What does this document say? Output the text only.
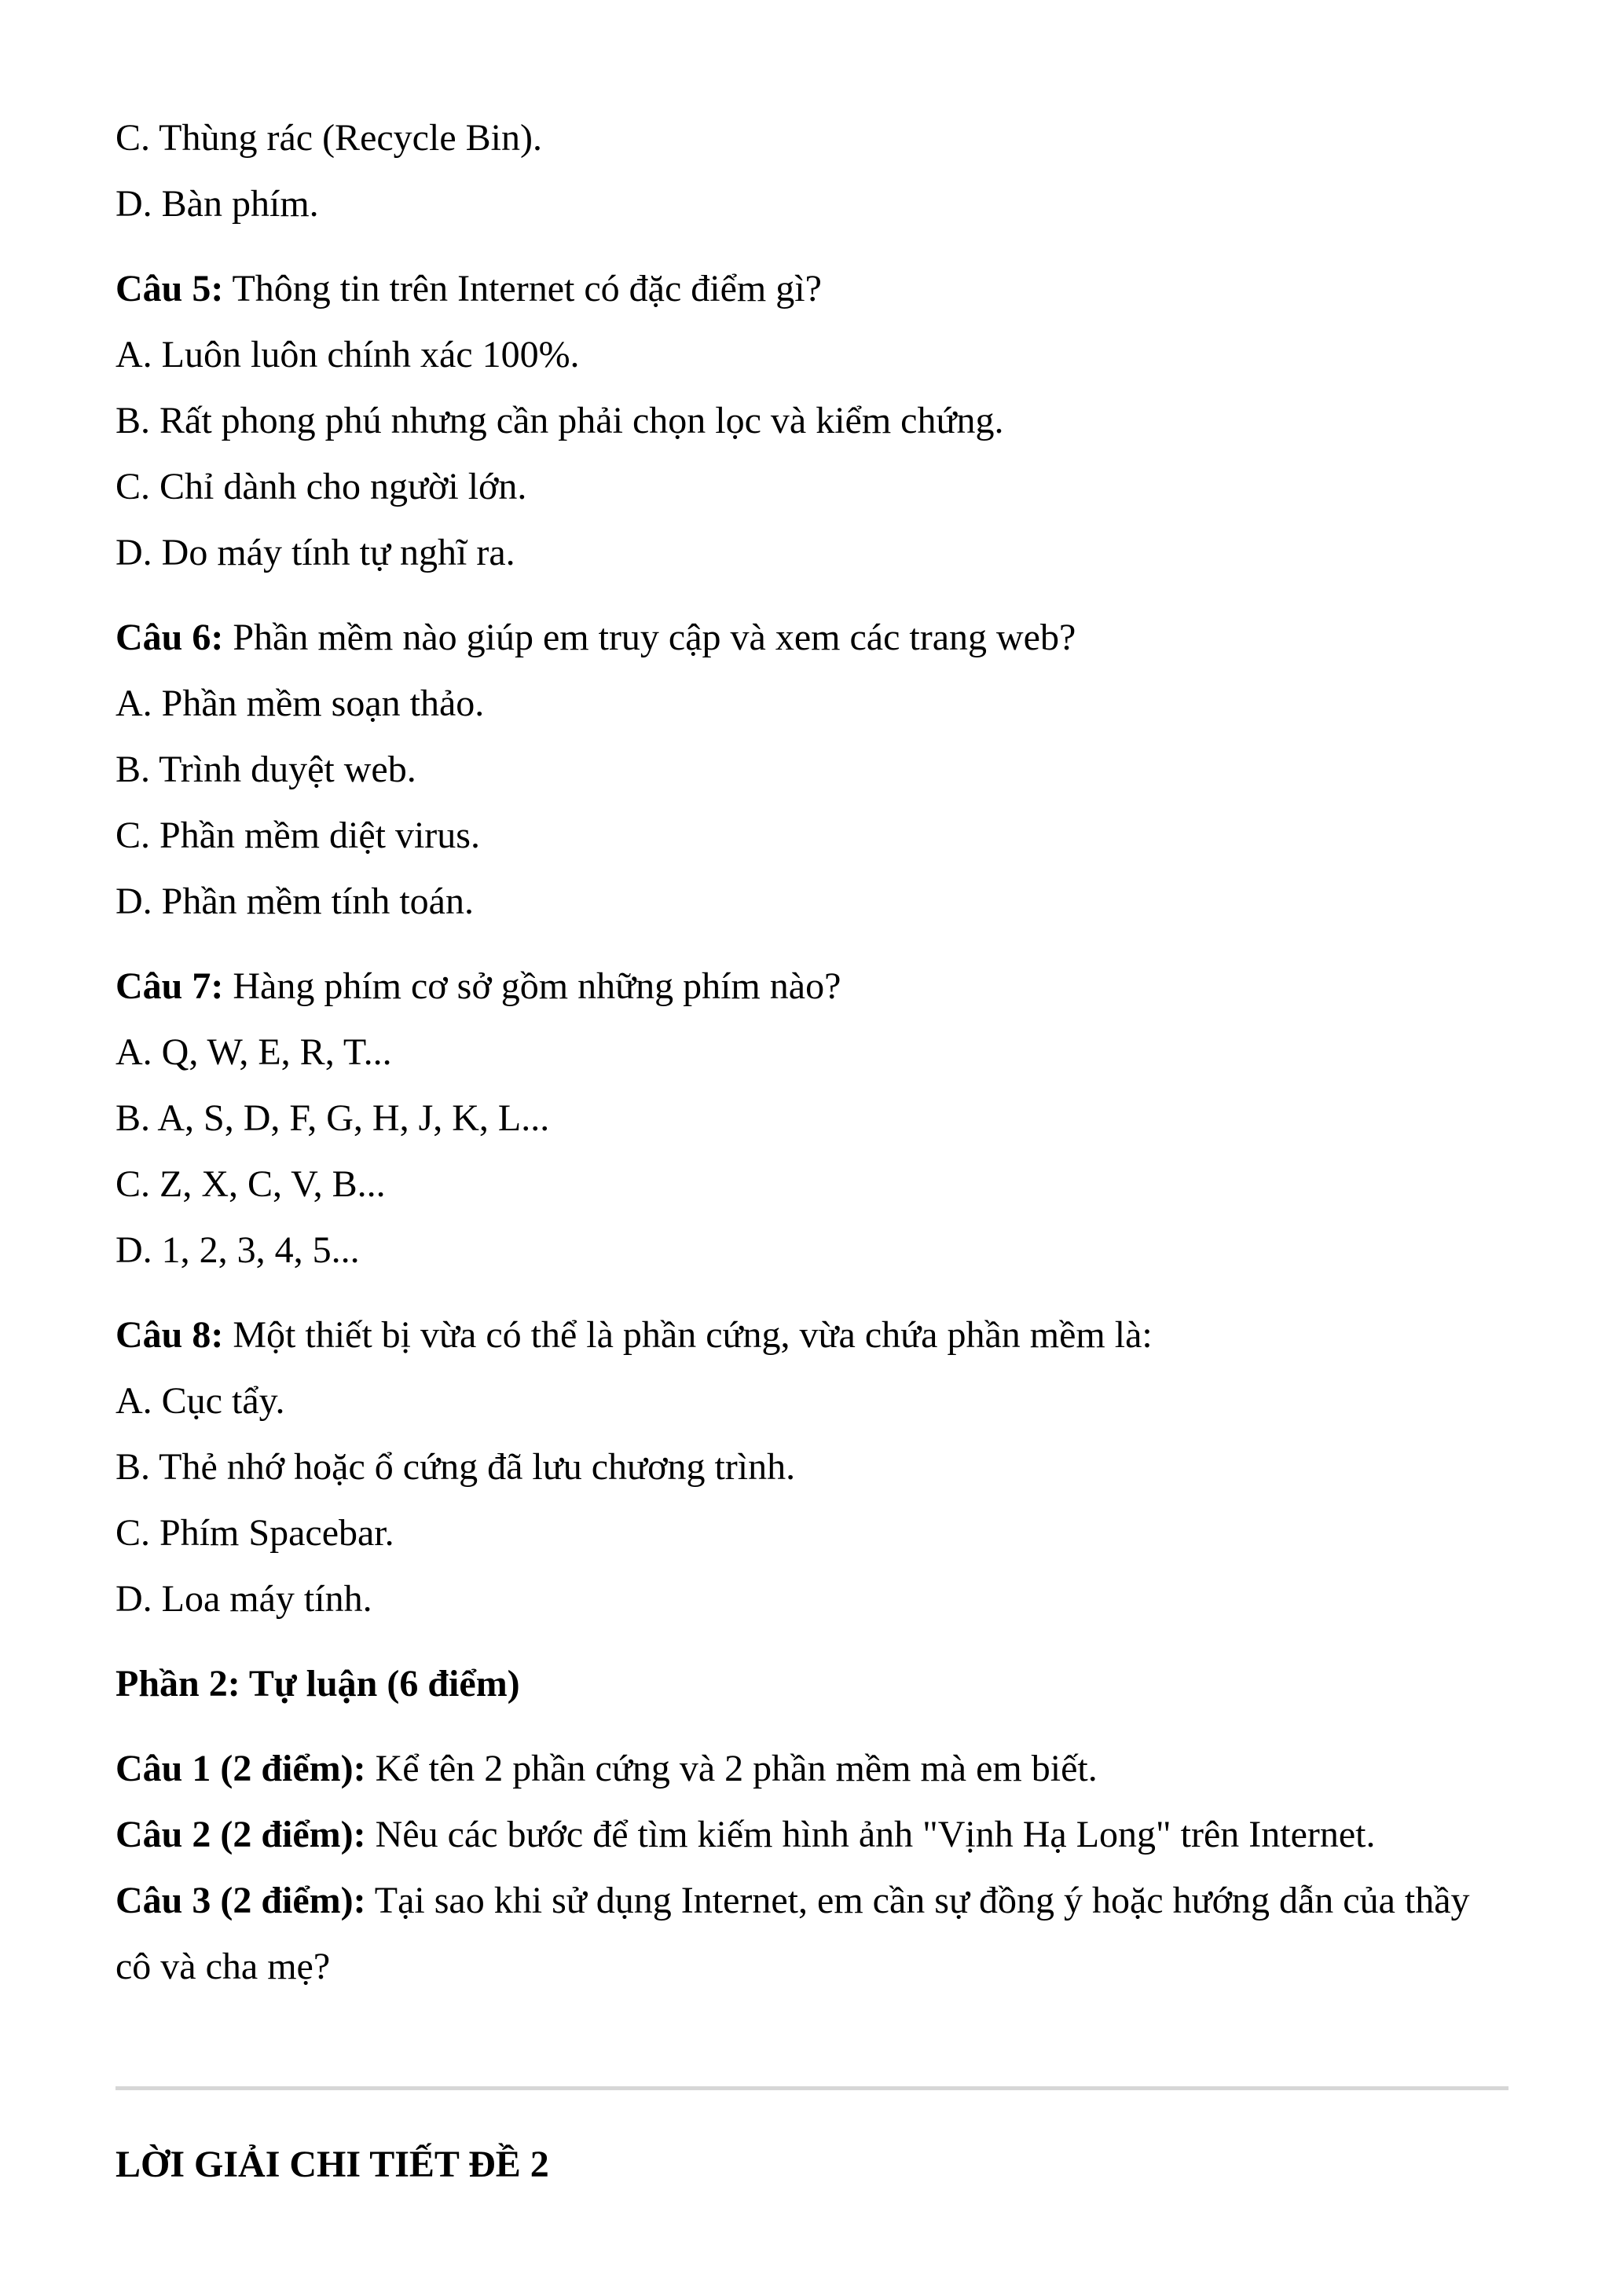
C. Thùng rác (Recycle Bin).

D. Bàn phím.

Câu 5: Thông tin trên Internet có đặc điểm gì?

A. Luôn luôn chính xác 100%.

B. Rất phong phú nhưng cần phải chọn lọc và kiểm chứng.

C. Chỉ dành cho người lớn.

D. Do máy tính tự nghĩ ra.

Câu 6: Phần mềm nào giúp em truy cập và xem các trang web?

A. Phần mềm soạn thảo.

B. Trình duyệt web.

C. Phần mềm diệt virus.

D. Phần mềm tính toán.

Câu 7: Hàng phím cơ sở gồm những phím nào?

A. Q, W, E, R, T...

B. A, S, D, F, G, H, J, K, L...

C. Z, X, C, V, B...

D. 1, 2, 3, 4, 5...

Câu 8: Một thiết bị vừa có thể là phần cứng, vừa chứa phần mềm là:

A. Cục tẩy.

B. Thẻ nhớ hoặc ổ cứng đã lưu chương trình.

C. Phím Spacebar.

D. Loa máy tính.

Phần 2: Tự luận (6 điểm)

Câu 1 (2 điểm): Kể tên 2 phần cứng và 2 phần mềm mà em biết.

Câu 2 (2 điểm): Nêu các bước để tìm kiếm hình ảnh "Vịnh Hạ Long" trên Internet.

Câu 3 (2 điểm): Tại sao khi sử dụng Internet, em cần sự đồng ý hoặc hướng dẫn của thầy cô và cha mẹ?

LỜI GIẢI CHI TIẾT ĐỀ 2
